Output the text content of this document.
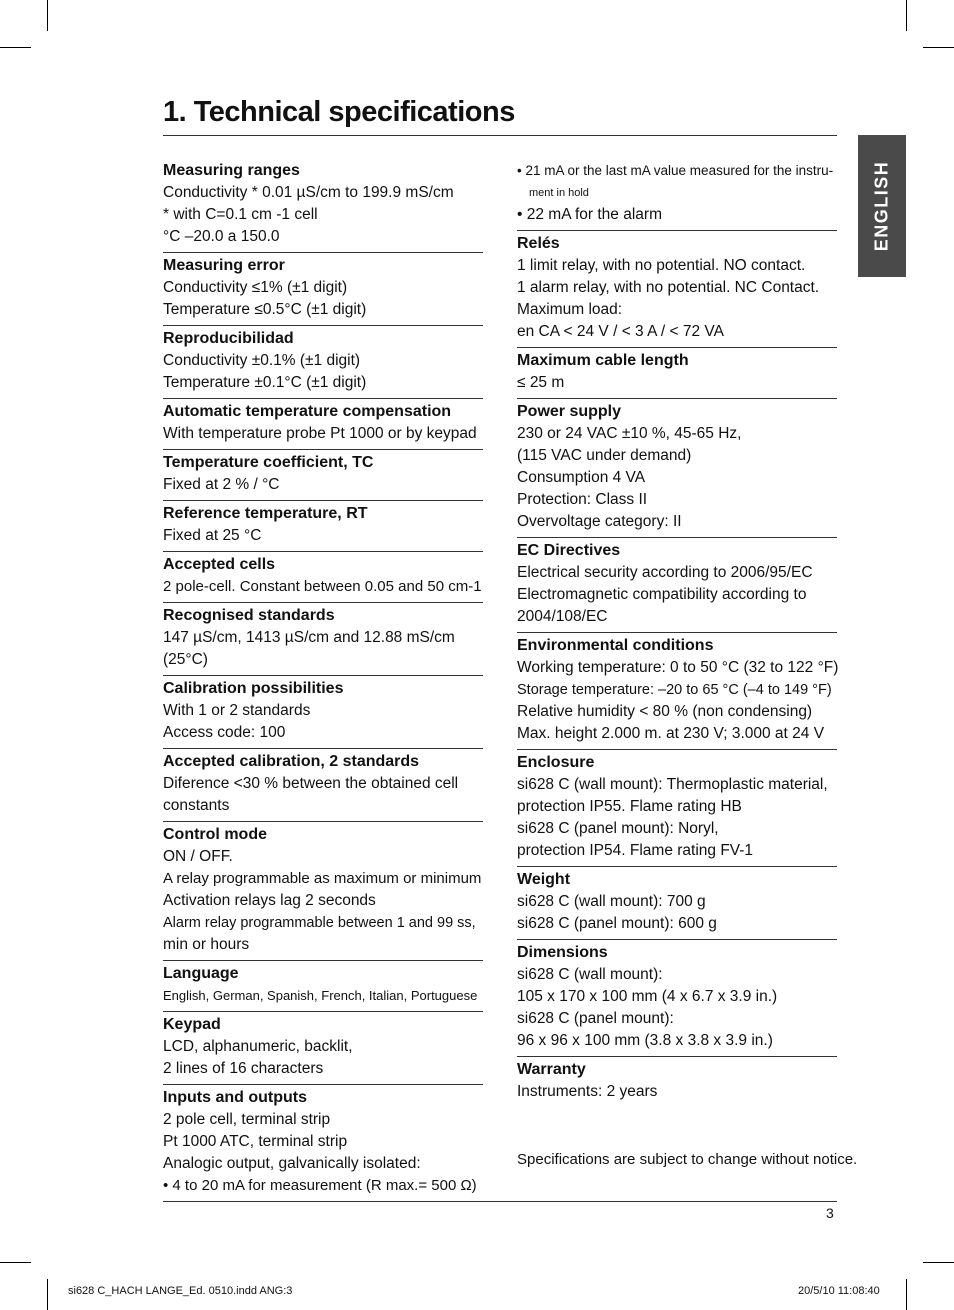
1. Technical specifications
ENGLISH
Measuring ranges
Conductivity * 0.01 µS/cm to 199.9 mS/cm
* with C=0.1 cm -1 cell
°C –20.0 a 150.0
Measuring error
Conductivity ≤1% (±1 digit)
Temperature ≤0.5°C (±1 digit)
Reproducibilidad
Conductivity ±0.1% (±1 digit)
Temperature ±0.1°C (±1 digit)
Automatic temperature compensation
With temperature probe Pt 1000 or by keypad
Temperature coefficient, TC
Fixed at 2 % / °C
Reference temperature, RT
Fixed at 25 °C
Accepted cells
2 pole-cell. Constant between 0.05 and 50 cm-1
Recognised standards
147 µS/cm, 1413 µS/cm and 12.88 mS/cm
(25°C)
Calibration possibilities
With 1 or 2 standards
Access code: 100
Accepted calibration, 2 standards
Diference <30 % between the obtained cell
constants
Control mode
ON / OFF.
A relay programmable as maximum or minimum
Activation relays lag 2 seconds
Alarm relay programmable between 1 and 99 ss,
min or hours
Language
English, German, Spanish, French, Italian, Portuguese
Keypad
LCD, alphanumeric, backlit,
2 lines of 16 characters
Inputs and outputs
2 pole cell, terminal strip
Pt 1000 ATC, terminal strip
Analogic output, galvanically isolated:
• 4 to 20 mA for measurement (R max.= 500 Ω)
• 21 mA or the last mA value measured for the instru-
ment in hold
• 22 mA for the alarm
Relés
1 limit relay, with no potential. NO contact.
1 alarm relay, with no potential. NC Contact.
Maximum load:
en CA < 24 V / < 3 A / < 72 VA
Maximum cable length
≤ 25 m
Power supply
230 or 24 VAC ±10 %, 45-65 Hz,
(115 VAC under demand)
Consumption 4 VA
Protection: Class II
Overvoltage category: II
EC Directives
Electrical security according to 2006/95/EC
Electromagnetic compatibility according to
2004/108/EC
Environmental conditions
Working temperature: 0 to 50 °C (32 to 122 °F)
Storage temperature: –20 to 65 °C (–4 to 149 °F)
Relative humidity < 80 % (non condensing)
Max. height 2.000 m. at 230 V; 3.000 at 24 V
Enclosure
si628 C (wall mount): Thermoplastic material,
protection IP55. Flame rating HB
si628 C (panel mount): Noryl,
protection IP54. Flame rating FV-1
Weight
si628 C (wall mount): 700 g
si628 C (panel mount): 600 g
Dimensions
si628 C (wall mount):
105 x 170 x 100 mm (4 x 6.7 x 3.9 in.)
si628 C (panel mount):
96 x 96 x 100 mm (3.8 x 3.8 x 3.9 in.)
Warranty
Instruments: 2 years
Specifications are subject to change without notice.
3
si628 C_HACH LANGE_Ed. 0510.indd ANG:3	20/5/10 11:08:40
